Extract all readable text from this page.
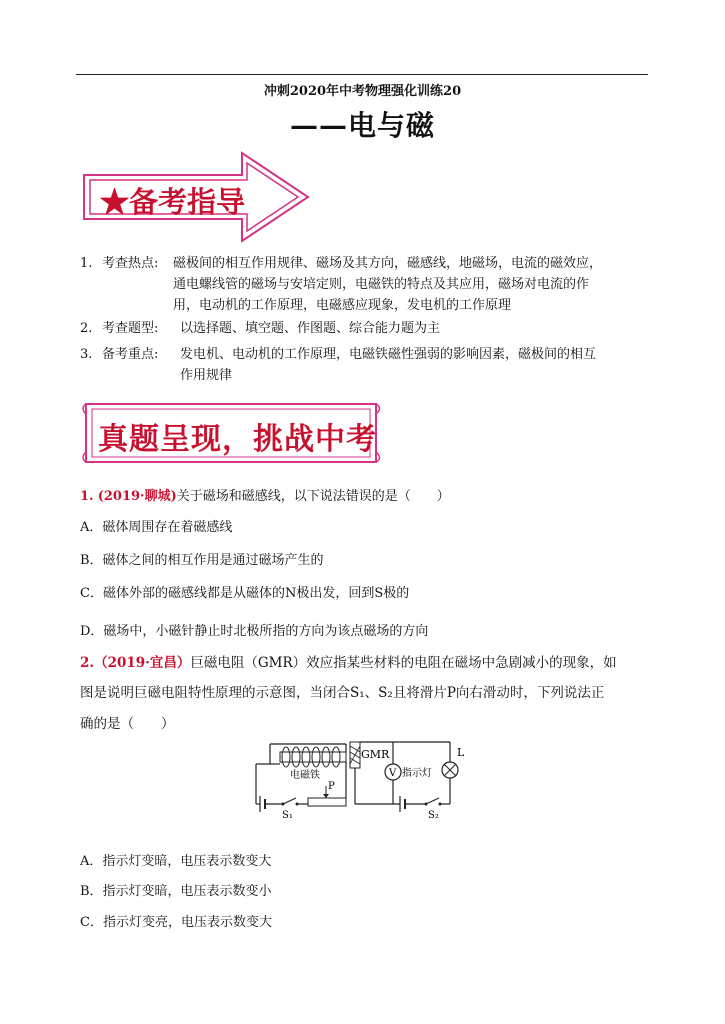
冲刺2020年中考物理强化训练20
——电与磁
★备考指导
1. 考查热点: 磁极间的相互作用规律、磁场及其方向，磁感线，地磁场，电流的磁效应，
通电螺线管的磁场与安培定则，电磁铁的特点及其应用，磁场对电流的作
用，电动机的工作原理，电磁感应现象，发电机的工作原理
2. 考查题型: 以选择题、填空题、作图题、综合能力题为主
3. 备考重点: 发电机、电动机的工作原理，电磁铁磁性强弱的影响因素，磁极间的相互
作用规律
真题呈现，挑战中考
1. (2019·聊城)关于磁场和磁感线，以下说法错误的是（　　）
A．磁体周围存在着磁感线
B．磁体之间的相互作用是通过磁场产生的
C．磁体外部的磁感线都是从磁体的N极出发，回到S极的
D．磁场中，小磁针静止时北极所指的方向为该点磁场的方向
2.（2019·宜昌）巨磁电阻（GMR）效应指某些材料的电阻在磁场中急剧减小的现象，如
图是说明巨磁电阻特性原理的示意图，当闭合S₁、S₂且将滑片P向右滑动时，下列说法正
确的是（　　）
电磁铁
P
S₁
GMR
V 指示灯
L
S₂
A．指示灯变暗，电压表示数变大
B．指示灯变暗，电压表示数变小
C．指示灯变亮，电压表示数变大
